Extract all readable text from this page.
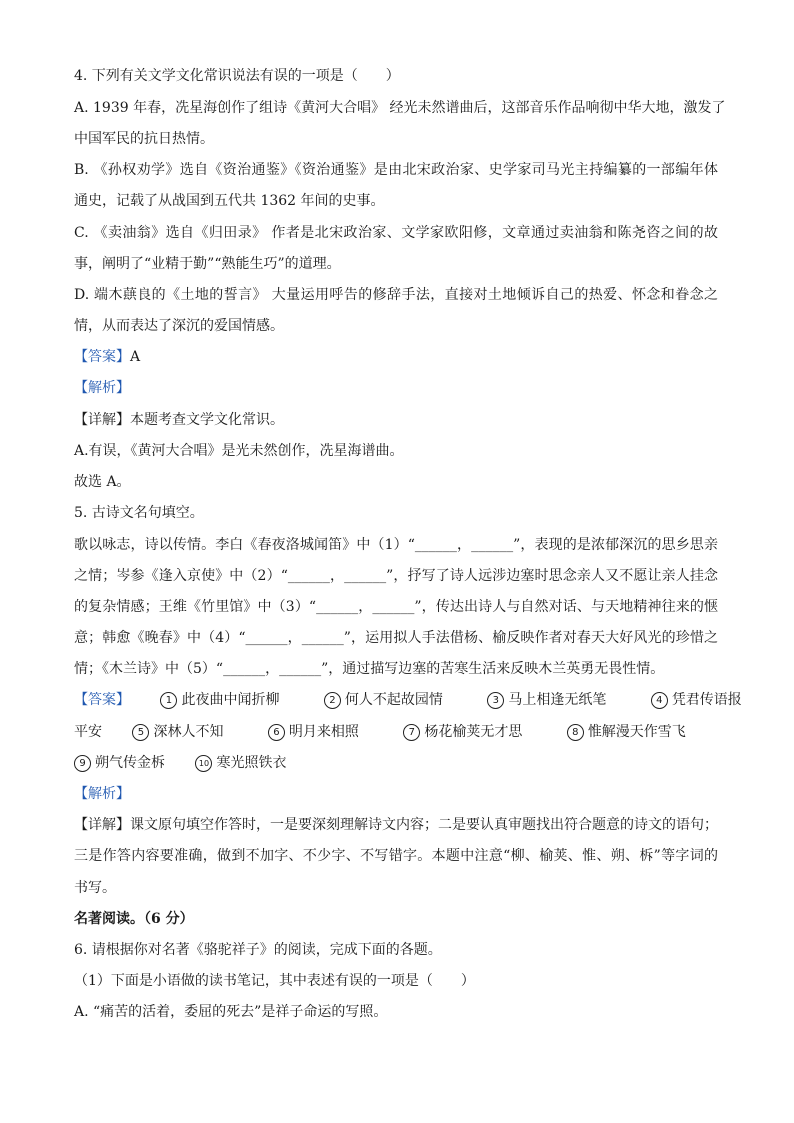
4. 下列有关文学文化常识说法有误的一项是（　　）
A. 1939 年春，冼星海创作了组诗《黄河大合唱》 经光未然谱曲后，这部音乐作品响彻中华大地，激发了
中国军民的抗日热情。
B. 《孙权劝学》选自《资治通鉴》《资治通鉴》是由北宋政治家、史学家司马光主持编纂的一部编年体
通史，记载了从战国到五代共 1362 年间的史事。
C. 《卖油翁》选自《归田录》 作者是北宋政治家、文学家欧阳修，文章通过卖油翁和陈尧咨之间的故
事，阐明了“业精于勤”“熟能生巧”的道理。
D. 端木蕻良的《土地的誓言》 大量运用呼告的修辞手法，直接对土地倾诉自己的热爱、怀念和眷念之
情，从而表达了深沉的爱国情感。
【答案】A
【解析】
【详解】本题考查文学文化常识。
A.有误，《黄河大合唱》是光未然创作，冼星海谱曲。
故选 A。
5. 古诗文名句填空。
歌以咏志，诗以传情。李白《春夜洛城闻笛》中（1）“______，______”，表现的是浓郁深沉的思乡思亲
之情；岑参《逢入京使》中（2）“______，______”，抒写了诗人远涉边塞时思念亲人又不愿让亲人挂念
的复杂情感；王维《竹里馆》中（3）“______，______”，传达出诗人与自然对话、与天地精神往来的惬
意；韩愈《晚春》中（4）“______，______”，运用拟人手法借杨、榆反映作者对春天大好风光的珍惜之
情；《木兰诗》中（5）“______，______”，通过描写边塞的苦寒生活来反映木兰英勇无畏性情。
【答案】	1 此夜曲中闻折柳	2 何人不起故园情	3 马上相逢无纸笔	4 凭君传语报
平安	5 深林人不知	6 明月来相照	7 杨花榆荚无才思	8 惟解漫天作雪飞
9 朔气传金柝	10 寒光照铁衣
【解析】
【详解】课文原句填空作答时，一是要深刻理解诗文内容；二是要认真审题找出符合题意的诗文的语句；
三是作答内容要准确，做到不加字、不少字、不写错字。本题中注意“柳、榆荚、惟、朔、柝”等字词的
书写。
名著阅读。（6 分）
6. 请根据你对名著《骆驼祥子》的阅读，完成下面的各题。
（1）下面是小语做的读书笔记，其中表述有误的一项是（　　）
A. “痛苦的活着，委屈的死去”是祥子命运的写照。
